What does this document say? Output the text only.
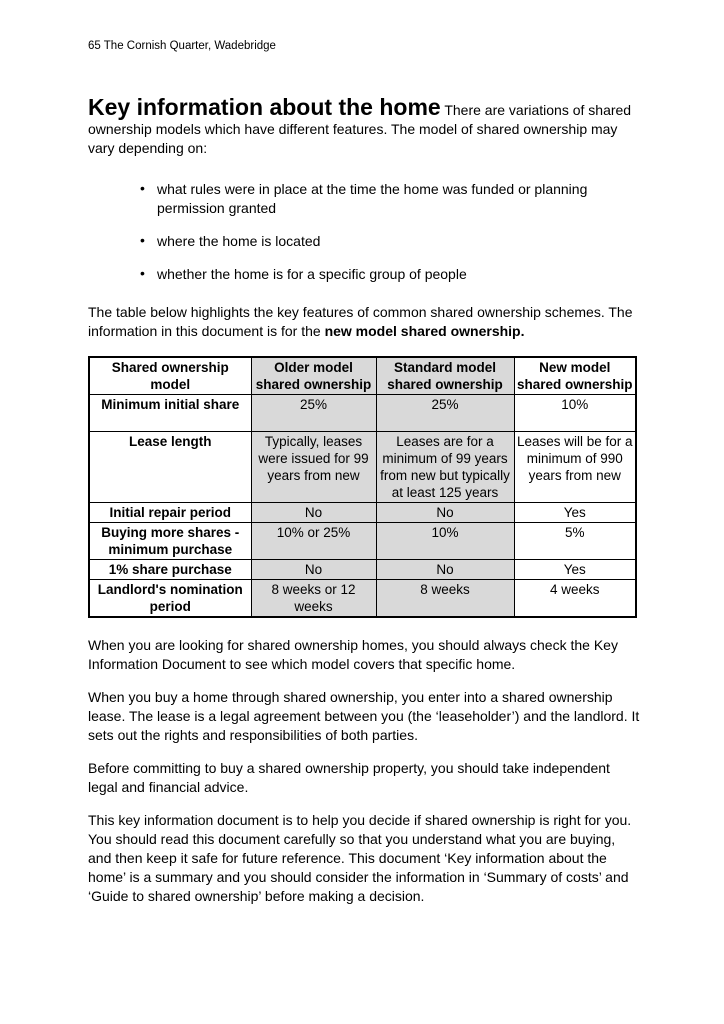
65 The Cornish Quarter, Wadebridge
Key information about the home There are variations of shared ownership models which have different features. The model of shared ownership may vary depending on:
• what rules were in place at the time the home was funded or planning permission granted
• where the home is located
• whether the home is for a specific group of people
The table below highlights the key features of common shared ownership schemes. The information in this document is for the new model shared ownership.
Shared ownership model	Older model shared ownership	Standard model shared ownership	New model shared ownership
Minimum initial share	25%	25%	10%
Lease length	Typically, leases were issued for 99 years from new	Leases are for a minimum of 99 years from new but typically at least 125 years	Leases will be for a minimum of 990 years from new
Initial repair period	No	No	Yes
Buying more shares - minimum purchase	10% or 25%	10%	5%
1% share purchase	No	No	Yes
Landlord's nomination period	8 weeks or 12 weeks	8 weeks	4 weeks
When you are looking for shared ownership homes, you should always check the Key Information Document to see which model covers that specific home.
When you buy a home through shared ownership, you enter into a shared ownership lease. The lease is a legal agreement between you (the ‘leaseholder’) and the landlord. It sets out the rights and responsibilities of both parties.
Before committing to buy a shared ownership property, you should take independent legal and financial advice.
This key information document is to help you decide if shared ownership is right for you. You should read this document carefully so that you understand what you are buying, and then keep it safe for future reference. This document ‘Key information about the home’ is a summary and you should consider the information in ‘Summary of costs’ and ‘Guide to shared ownership’ before making a decision.
